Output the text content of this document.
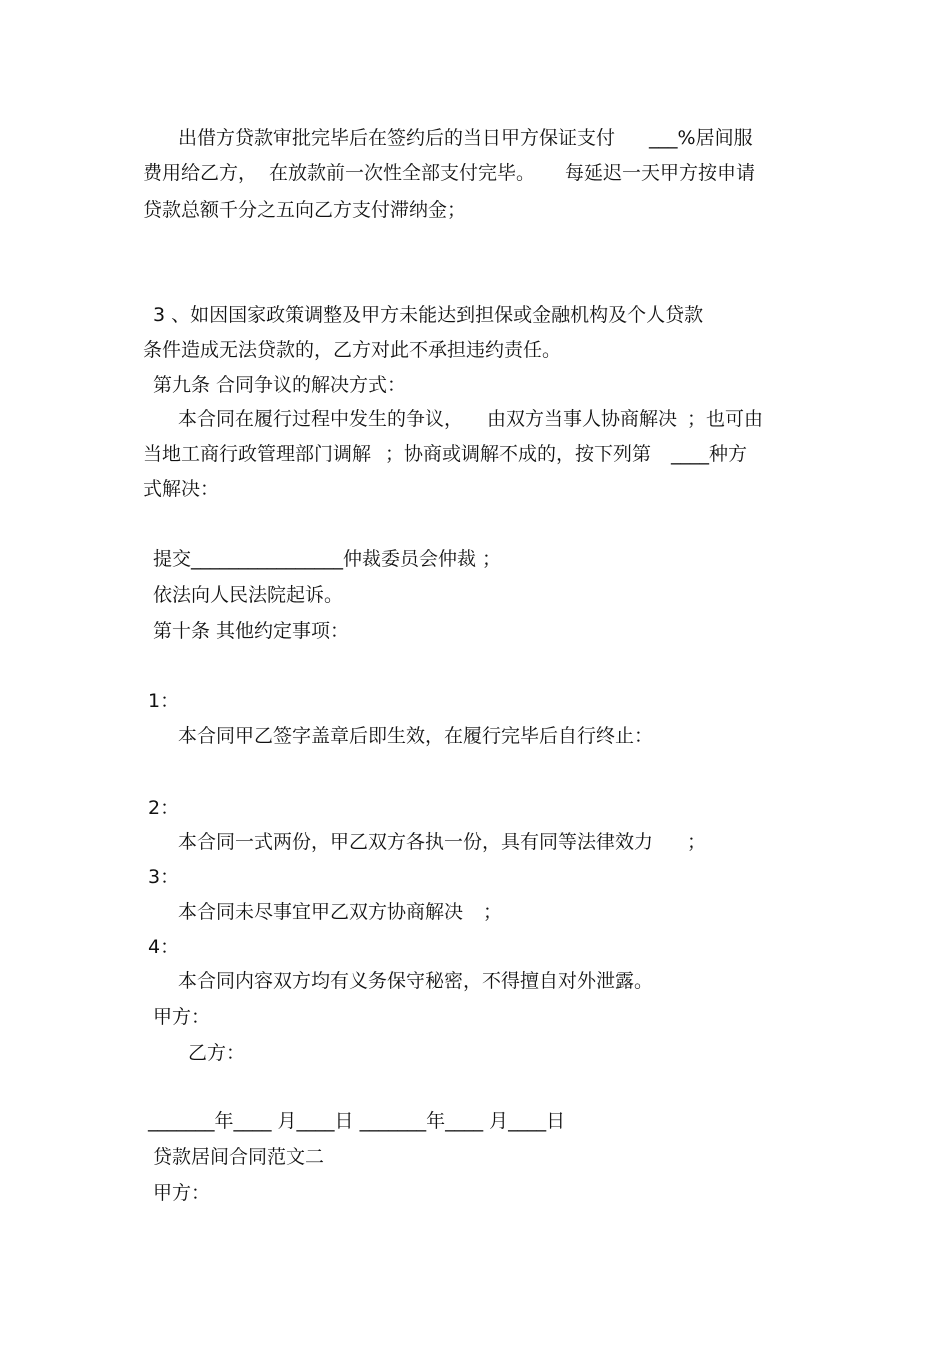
出借方贷款审批完毕后在签约后的当日甲方保证支付 ___%居间服
费用给乙方， 在放款前一次性全部支付完毕。 每延迟一天甲方按申请
贷款总额千分之五向乙方支付滞纳金；
3 、如因国家政策调整及甲方未能达到担保或金融机构及个人贷款
条件造成无法贷款的，乙方对此不承担违约责任。
第九条 合同争议的解决方式：
本合同在履行过程中发生的争议， 由双方当事人协商解决 ；也可由
当地工商行政管理部门调解 ；协商或调解不成的，按下列第 ____种方
式解决：
提交________________仲裁委员会仲裁 ；
依法向人民法院起诉。
第十条 其他约定事项：
1：
本合同甲乙签字盖章后即生效，在履行完毕后自行终止：
2：
本合同一式两份，甲乙双方各执一份，具有同等法律效力 ；
3：
本合同未尽事宜甲乙双方协商解决 ；
4：
本合同内容双方均有义务保守秘密，不得擅自对外泄露。
甲方：
乙方：
_______年____ 月____日 _______年____ 月____日
贷款居间合同范文二
甲方：
